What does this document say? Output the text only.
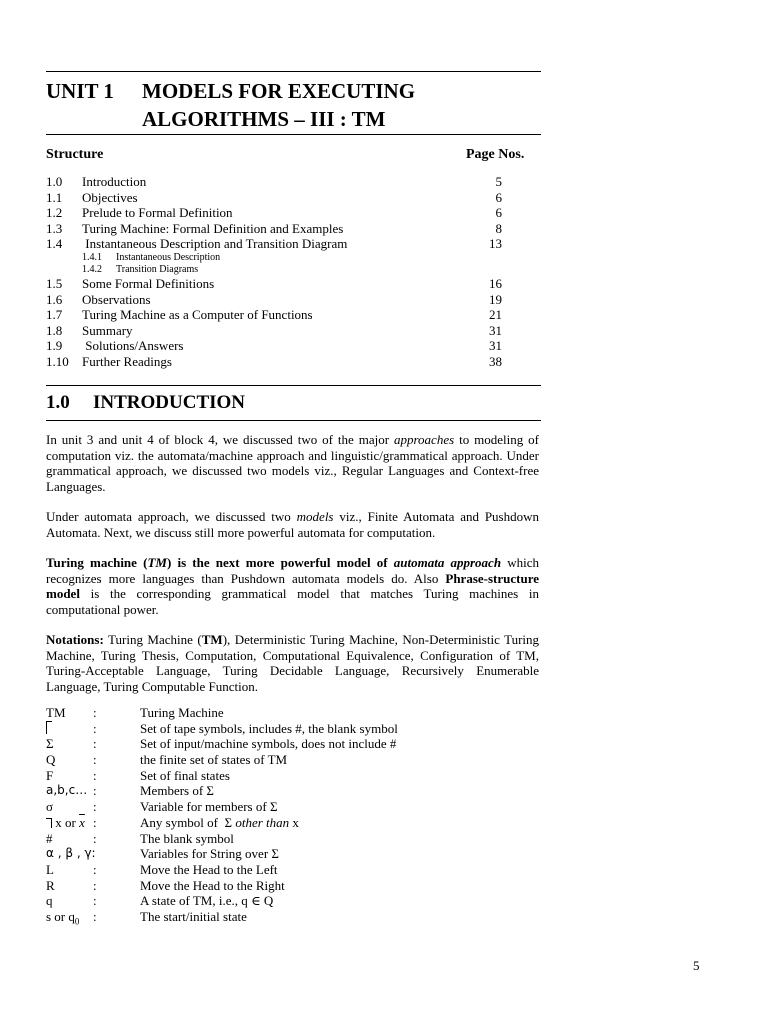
UNIT 1 MODELS FOR EXECUTING
ALGORITHMS – III : TM
Structure	Page Nos.
1.0 Introduction	5
1.1 Objectives	6
1.2 Prelude to Formal Definition	6
1.3 Turing Machine: Formal Definition and Examples	8
1.4 Instantaneous Description and Transition Diagram	13
1.4.1 Instantaneous Description
1.4.2 Transition Diagrams
1.5 Some Formal Definitions	16
1.6 Observations	19
1.7 Turing Machine as a Computer of Functions	21
1.8 Summary	31
1.9 Solutions/Answers	31
1.10 Further Readings	38
1.0 INTRODUCTION
In unit 3 and unit 4 of block 4, we discussed two of the major approaches to modeling of computation viz. the automata/machine approach and linguistic/grammatical approach. Under grammatical approach, we discussed two models viz., Regular Languages and Context-free Languages.
Under automata approach, we discussed two models viz., Finite Automata and Pushdown Automata. Next, we discuss still more powerful automata for computation.
Turing machine (TM) is the next more powerful model of automata approach which recognizes more languages than Pushdown automata models do. Also Phrase-structure model is the corresponding grammatical model that matches Turing machines in computational power.
Notations: Turing Machine (TM), Deterministic Turing Machine, Non-Deterministic Turing Machine, Turing Thesis, Computation, Computational Equivalence, Configuration of TM, Turing-Acceptable Language, Turing Decidable Language, Recursively Enumerable Language, Turing Computable Function.
TM :	Turing Machine
:	Set of tape symbols, includes #, the blank symbol
Σ	:	Set of input/machine symbols, does not include #
Q	:	the finite set of states of TM
F	:	Set of final states
a,b,c… :	Members of Σ
σ	:	Variable for members of Σ
x or $\overline{x}$ :	Any symbol of  Σ other than x
#	:	The blank symbol
α , β , γ:	Variables for String over Σ
L	:	Move the Head to the Left
R	:	Move the Head to the Right
q	:	A state of TM, i.e., q ∈ Q
s or $q_0$ :	The start/initial state
5
